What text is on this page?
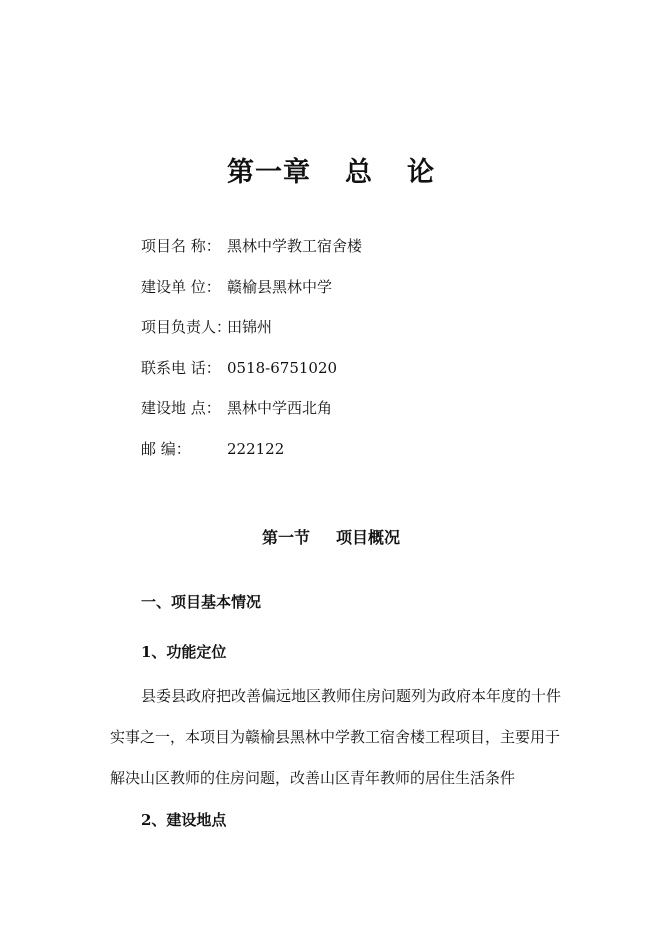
第一章 总 论
项目名 称： 黑林中学教工宿舍楼
建设单 位： 赣榆县黑林中学
项目负责人：田锦州
联系电 话： 0518-6751020
建设地 点： 黑林中学西北角
邮 编： 222122
第一节 项目概况
一、项目基本情况
1、功能定位
县委县政府把改善偏远地区教师住房问题列为政府本年度的十件
实事之一，本项目为赣榆县黑林中学教工宿舍楼工程项目，主要用于
解决山区教师的住房问题，改善山区青年教师的居住生活条件
2、建设地点
